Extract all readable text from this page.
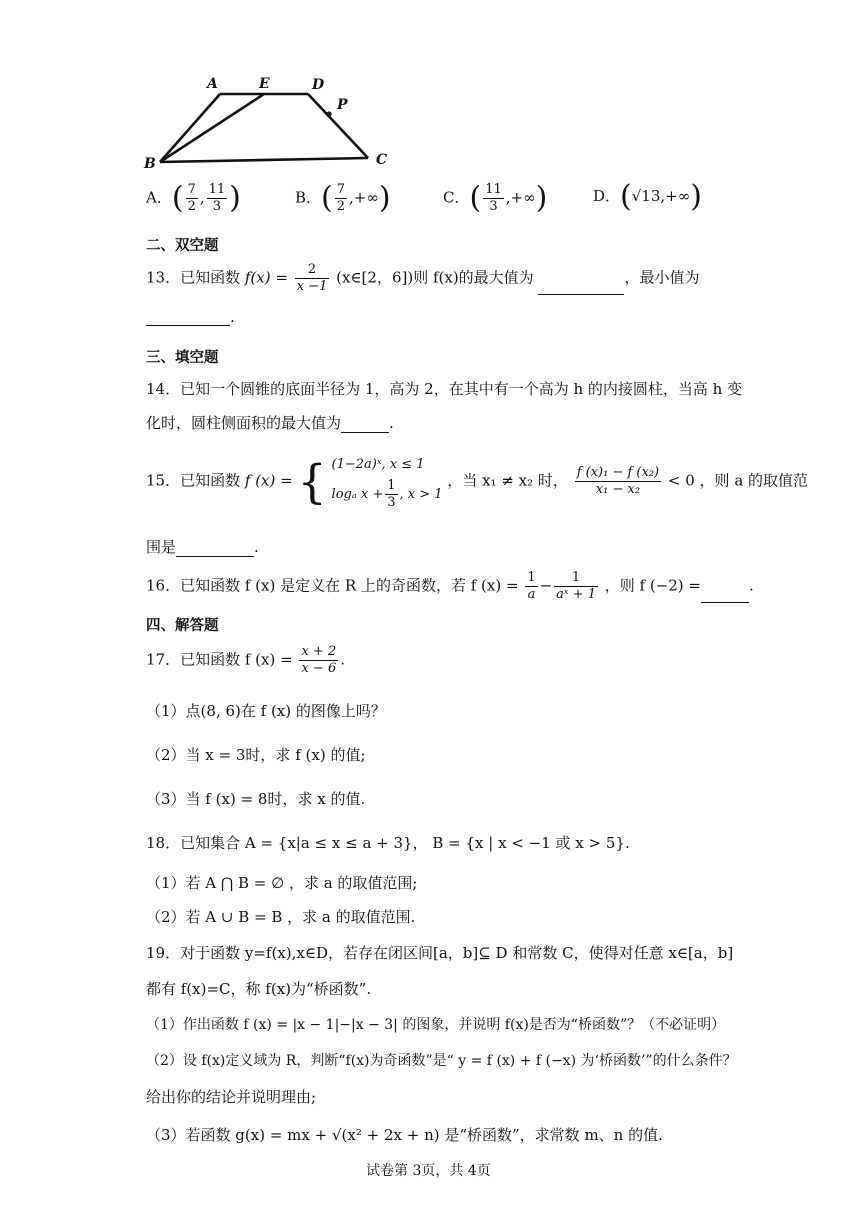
A	E	D
P
B	C
A．( $\frac{7}{2}$ , $\frac{11}{3}$ )	B．( $\frac{7}{2}$ ,+∞)	C．( $\frac{11}{3}$ ,+∞)	D．(√13,+∞)
二、双空题
13．已知函数 $f(x) = \frac{2}{x -1}$ (x∈[2，6])则 f(x)的最大值为	，最小值为
.
三、填空题
14．已知一个圆锥的底面半径为 1，高为 2，在其中有一个高为 h 的内接圆柱，当高 h 变
化时，圆柱侧面积的最大值为	.
15．已知函数 f (x) = { (1−2a)ˣ, x ≤ 1
logₐ $x + \frac{1}{3}$ , x > 1
，当 x₁ ≠ x₂ 时， $\frac{\text{f (x)₁ − f (x₂)}}{\text{x₁ − x₂}} < 0$ ，则 a 的取值范
围是	.
16．已知函数 f (x) 是定义在 R 上的奇函数，若 f $(x) = \frac{1}{a} - \frac{1}{\text{aˣ + 1}}$ ，则 f (−2) =	.
四、解答题
17．已知函数 f $(x) = \frac{x + 2}{x - 6}$ .
（1）点(8, 6)在 f (x) 的图像上吗？
（2）当 x = 3时，求 f (x) 的值;
（3）当 f (x) = 8时，求 x 的值.
18．已知集合 A = {x|a ≤ x ≤ a + 3}， B = {x | x < −1 或 x > 5}.
（1）若 A ⋂ B = ∅ ，求 a 的取值范围;
（2）若 A ∪ B = B ，求 a 的取值范围.
19．对于函数 y=f(x),x∈D，若存在闭区间[a，b]⊆ D 和常数 C，使得对任意 x∈[a，b]
都有 f(x)=C，称 f(x)为“桥函数”.
（1）作出函数 f (x) = |x − 1|−|x − 3| 的图象，并说明 f(x)是否为“桥函数”？（不必证明）
（2）设 f(x)定义域为 R，判断“f(x)为奇函数”是“ y = f (x) + f (−x) 为‘桥函数’”的什么条件？
给出你的结论并说明理由;
（3）若函数 g(x) = mx + √(x² + 2x + n) 是“桥函数”，求常数 m、n 的值.
试卷第 3页，共 4页
